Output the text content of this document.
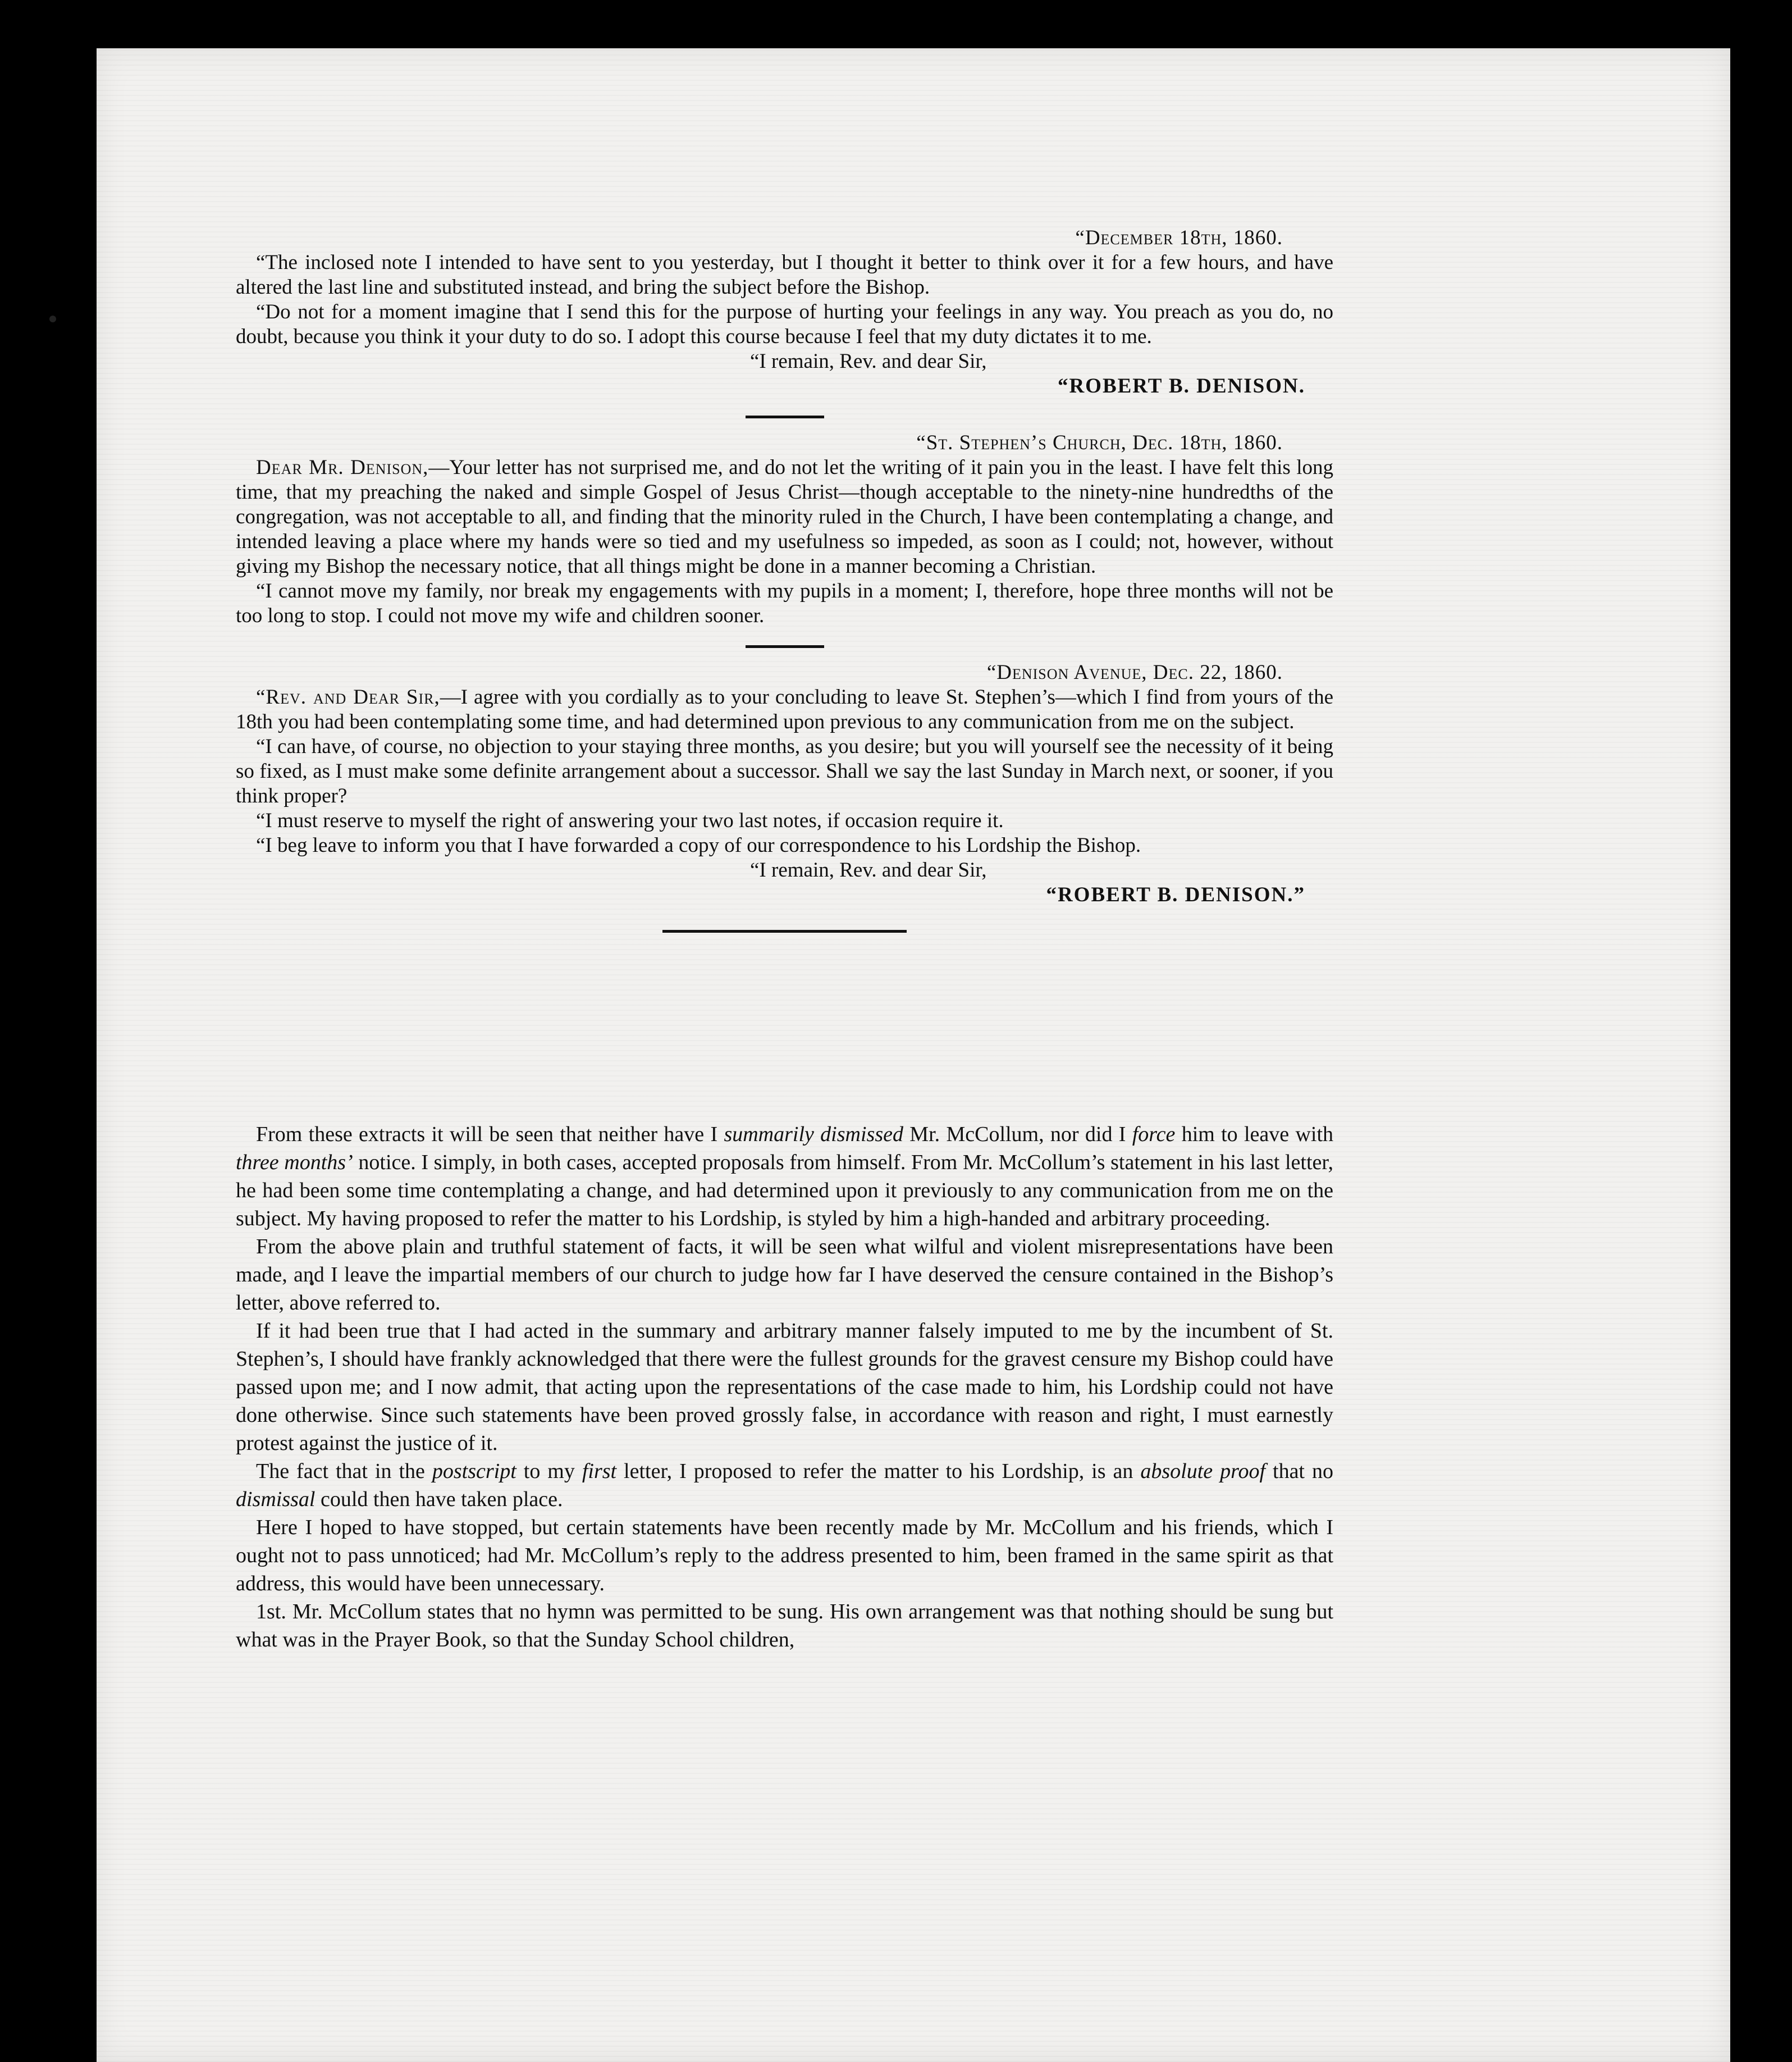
“December 18th, 1860.

“The inclosed note I intended to have sent to you yesterday, but I thought it better to think over it for a few hours, and have altered the last line and substituted instead, and bring the subject before the Bishop.

“Do not for a moment imagine that I send this for the purpose of hurting your feelings in any way. You preach as you do, no doubt, because you think it your duty to do so. I adopt this course because I feel that my duty dictates it to me.

“I remain, Rev. and dear Sir,

“ROBERT B. DENISON.

“St. Stephen’s Church, Dec. 18th, 1860.

Dear Mr. Denison,—Your letter has not surprised me, and do not let the writing of it pain you in the least. I have felt this long time, that my preaching the naked and simple Gospel of Jesus Christ—though acceptable to the ninety-nine hundredths of the congregation, was not acceptable to all, and finding that the minority ruled in the Church, I have been contemplating a change, and intended leaving a place where my hands were so tied and my usefulness so impeded, as soon as I could; not, however, without giving my Bishop the necessary notice, that all things might be done in a manner becoming a Christian.

“I cannot move my family, nor break my engagements with my pupils in a moment; I, therefore, hope three months will not be too long to stop. I could not move my wife and children sooner.

“Denison Avenue, Dec. 22, 1860.

“Rev. and Dear Sir,—I agree with you cordially as to your concluding to leave St. Stephen’s—which I find from yours of the 18th you had been contemplating some time, and had determined upon previous to any communication from me on the subject.

“I can have, of course, no objection to your staying three months, as you desire; but you will yourself see the necessity of it being so fixed, as I must make some definite arrangement about a successor. Shall we say the last Sunday in March next, or sooner, if you think proper?

“I must reserve to myself the right of answering your two last notes, if occasion require it.

“I beg leave to inform you that I have forwarded a copy of our correspondence to his Lordship the Bishop.

“I remain, Rev. and dear Sir,

“ROBERT B. DENISON.”

From these extracts it will be seen that neither have I summarily dismissed Mr. McCollum, nor did I force him to leave with three months’ notice. I simply, in both cases, accepted proposals from himself. From Mr. McCollum’s statement in his last letter, he had been some time contemplating a change, and had determined upon it previously to any communication from me on the subject. My having proposed to refer the matter to his Lordship, is styled by him a high-handed and arbitrary proceeding.

From the above plain and truthful statement of facts, it will be seen what wilful and violent misrepresentations have been made, and I leave the impartial members of our church to judge how far I have deserved the censure contained in the Bishop’s letter, above referred to.

If it had been true that I had acted in the summary and arbitrary manner falsely imputed to me by the incumbent of St. Stephen’s, I should have frankly acknowledged that there were the fullest grounds for the gravest censure my Bishop could have passed upon me; and I now admit, that acting upon the representations of the case made to him, his Lordship could not have done otherwise. Since such statements have been proved grossly false, in accordance with reason and right, I must earnestly protest against the justice of it.

The fact that in the postscript to my first letter, I proposed to refer the matter to his Lordship, is an absolute proof that no dismissal could then have taken place.

Here I hoped to have stopped, but certain statements have been recently made by Mr. McCollum and his friends, which I ought not to pass unnoticed; had Mr. McCollum’s reply to the address presented to him, been framed in the same spirit as that address, this would have been unnecessary.

1st. Mr. McCollum states that no hymn was permitted to be sung. His own arrangement was that nothing should be sung but what was in the Prayer Book, so that the Sunday School children,
